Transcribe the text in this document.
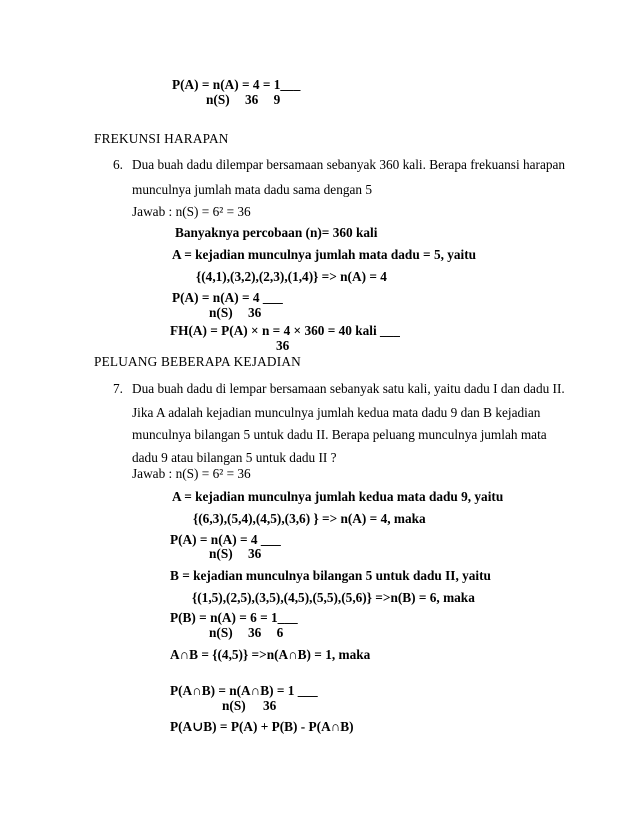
P(A) = n(A) = 4 = 1___
n(S) 36 9
FREKUNSI HARAPAN
6. Dua buah dadu dilempar bersamaan sebanyak 360 kali. Berapa frekuansi harapan
munculnya jumlah mata dadu sama dengan 5
Jawab : n(S) = 6² = 36
Banyaknya percobaan (n)= 360 kali
A = kejadian munculnya jumlah mata dadu = 5, yaitu
{(4,1),(3,2),(2,3),(1,4)} => n(A) = 4
P(A) = n(A) = 4 ___
n(S) 36
FH(A) = P(A) × n = 4 × 360 = 40 kali ___
36
PELUANG BEBERAPA KEJADIAN
7. Dua buah dadu di lempar bersamaan sebanyak satu kali, yaitu dadu I dan dadu II.
Jika A adalah kejadian munculnya jumlah kedua mata dadu 9 dan B kejadian
munculnya bilangan 5 untuk dadu II. Berapa peluang munculnya jumlah mata
dadu 9 atau bilangan 5 untuk dadu II ?
Jawab : n(S) = 6² = 36
A = kejadian munculnya jumlah kedua mata dadu 9, yaitu
{(6,3),(5,4),(4,5),(3,6) } => n(A) = 4, maka
P(A) = n(A) = 4 ___
n(S) 36
B = kejadian munculnya bilangan 5 untuk dadu II, yaitu
{(1,5),(2,5),(3,5),(4,5),(5,5),(5,6)} =>n(B) = 6, maka
P(B) = n(A) = 6 = 1___
n(S) 36 6
A∩B = {(4,5)} =>n(A∩B) = 1, maka
P(A∩B) = n(A∩B) = 1 ___
n(S) 36
P(A∪B) = P(A) + P(B) - P(A∩B)
